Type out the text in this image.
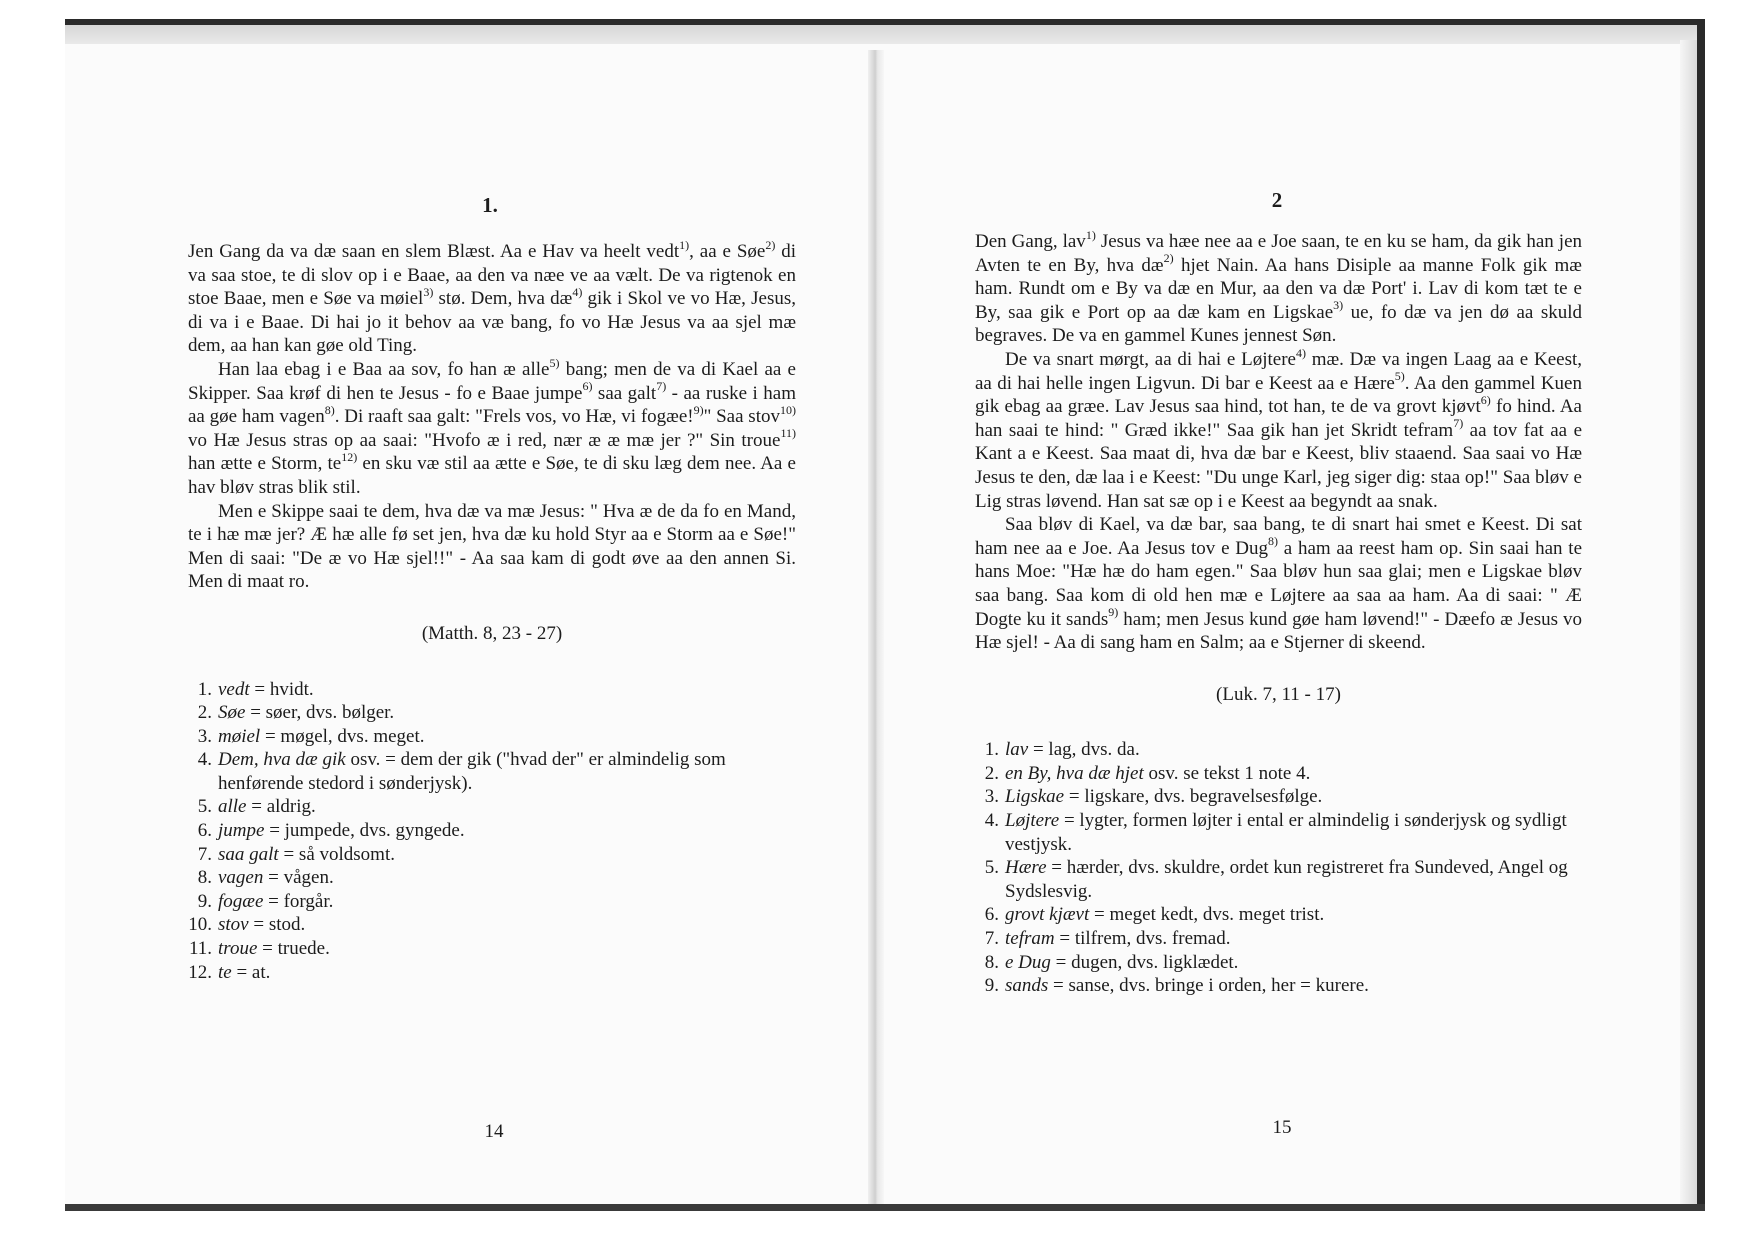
1.

Jen Gang da va dæ saan en slem Blæst. Aa e Hav va heelt vedt$^{1)}$, aa e Søe$^{2)}$ di va saa stoe, te di slov op i e Baae, aa den va næe ve aa vælt. De va rigtenok en stoe Baae, men e Søe va møiel$^{3)}$ stø. Dem, hva $dæ^{4)}$ gik i Skol ve vo Hæ, Jesus, di va i e Baae. Di hai jo it behov aa væ bang, fo vo Hæ Jesus va aa sjel mæ dem, aa han kan gøe old Ting.

Han laa ebag i e Baa aa sov, fo han æ alle$^{5)}$ bang; men de va di Kael aa e Skipper. Saa krøf di hen te Jesus - fo e Baae jumpe$^{6)}$ saa galt$^{7)}$ - aa ruske i ham aa gøe ham vagen$^{8)}$. Di raaft saa galt: "Frels vos, vo Hæ, vi fogæe!$^{9)}$" Saa stov$^{10)}$ vo Hæ Jesus stras op aa saai: "Hvofo æ i red, nær æ æ mæ jer ?" Sin troue$^{11)}$ han ætte e Storm, $te^{12)}$ en sku væ stil aa ætte e Søe, te di sku læg dem nee. Aa e hav bløv stras blik stil.

Men e Skippe saai te dem, hva dæ va mæ Jesus: " Hva æ de da fo en Mand, te i hæ mæ jer? Æ hæ alle fø set jen, hva dæ ku hold Styr aa e Storm aa e Søe!" Men di saai: "De æ vo Hæ sjel!!" - Aa saa kam di godt øve aa den annen Si. Men di maat ro.

(Matth. 8, 23 - 27)
1. vedt = hvidt.
2. Søe = søer, dvs. bølger.
3. møiel = møgel, dvs. meget.
4. Dem, hva dæ gik osv. = dem der gik ("hvad der" er almindelig som henførende stedord i sønderjysk).
5. alle = aldrig.
6. jumpe = jumpede, dvs. gyngede.
7. saa galt = så voldsomt.
8. vagen = vågen.
9. fogæe = forgår.
10. stov = stod.
11. troue = truede.
12. te = at.
14
2

Den Gang, lav$^{1)}$ Jesus va hæe nee aa e Joe saan, te en ku se ham, da gik han jen Avten te en By, hva $dæ^{2)}$ hjet Nain. Aa hans Disiple aa manne Folk gik mæ ham. Rundt om e By va dæ en Mur, aa den va dæ Port' i. Lav di kom tæt te e By, saa gik e Port op aa dæ kam en Ligskae$^{3)}$ ue, fo dæ va jen dø aa skuld begraves. De va en gammel Kunes jennest Søn.

De va snart mørgt, aa di hai e Løjtere$^{4)}$ mæ. Dæ va ingen Laag aa e Keest, aa di hai helle ingen Ligvun. Di bar e Keest aa e Hære$^{5)}$. Aa den gammel Kuen gik ebag aa græe. Lav Jesus saa hind, tot han, te de va grovt kjøvt$^{6)}$ fo hind. Aa han saai te hind: " Græd ikke!" Saa gik han jet Skridt tefram$^{7)}$ aa tov fat aa e Kant a e Keest. Saa maat di, hva dæ bar e Keest, bliv staaend. Saa saai vo Hæ Jesus te den, dæ laa i e Keest: "Du unge Karl, jeg siger dig: staa op!" Saa bløv e Lig stras løvend. Han sat sæ op i e Keest aa begyndt aa snak.

Saa bløv di Kael, va dæ bar, saa bang, te di snart hai smet e Keest. Di sat ham nee aa e Joe. Aa Jesus tov e Dug$^{8)}$ a ham aa reest ham op. Sin saai han te hans Moe: "Hæ hæ do ham egen." Saa bløv hun saa glai; men e Ligskae bløv saa bang. Saa kom di old hen mæ e Løjtere aa saa aa ham. Aa di saai: " Æ Dogte ku it sands$^{9)}$ ham; men Jesus kund gøe ham løvend!" - Dæefo æ Jesus vo Hæ sjel! - Aa di sang ham en Salm; aa e Stjerner di skeend.

(Luk. 7, 11 - 17)
1. lav = lag, dvs. da.
2. en By, hva dæ hjet osv. se tekst 1 note 4.
3. Ligskae = ligskare, dvs. begravelsesfølge.
4. Løjtere = lygter, formen løjter i ental er almindelig i sønderjysk og sydligt vestjysk.
5. Hære = hærder, dvs. skuldre, ordet kun registreret fra Sundeved, Angel og Sydslesvig.
6. grovt kjævt = meget kedt, dvs. meget trist.
7. tefram = tilfrem, dvs. fremad.
8. e Dug = dugen, dvs. ligklædet.
9. sands = sanse, dvs. bringe i orden, her = kurere.
15
